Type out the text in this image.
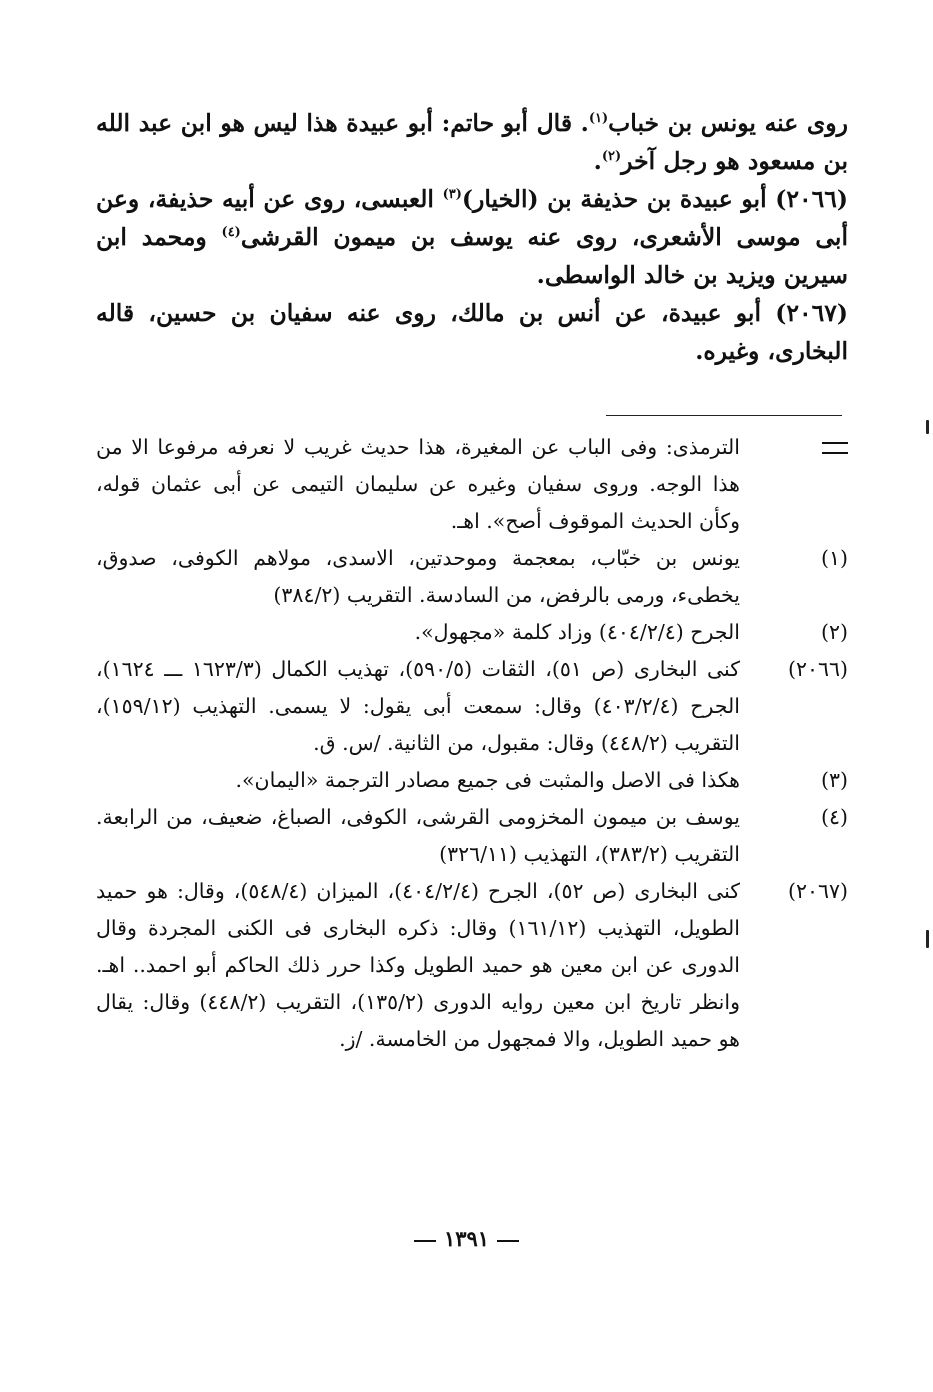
روى عنه يونس بن خباب$^{(١)}$. قال أبو حاتم: أبو عبيدة هذا ليس هو ابن عبد الله بن مسعود هو رجل آخر$^{(٢)}$.

(٢٠٦٦) أبو عبيدة بن حذيفة بن (الخيار)$^{(٣)}$ العبسى، روى عن أبيه حذيفة، وعن أبى موسى الأشعرى، روى عنه يوسف بن ميمون القرشى$^{(٤)}$ ومحمد ابن سيرين ويزيد بن خالد الواسطى.

(٢٠٦٧) أبو عبيدة، عن أنس بن مالك، روى عنه سفيان بن حسين، قاله البخارى، وغيره.

الترمذى: وفى الباب عن المغيرة، هذا حديث غريب لا نعرفه مرفوعا الا من هذا الوجه. وروى سفيان وغيره عن سليمان التيمى عن أبى عثمان قوله، وكأن الحديث الموقوف أصح». اهـ.
(١)
يونس بن خبّاب، بمعجمة وموحدتين، الاسدى، مولاهم الكوفى، صدوق، يخطىء، ورمى بالرفض، من السادسة. التقريب (٣٨٤/٢)
(٢)
الجرح (٤٠٤/٢/٤) وزاد كلمة «مجهول».
(٢٠٦٦)
كنى البخارى (ص ٥١)، الثقات (٥٩٠/٥)، تهذيب الكمال (١٦٢٣/٣ ـــ ١٦٢٤)، الجرح (٤٠٣/٢/٤) وقال: سمعت أبى يقول: لا يسمى. التهذيب (١٥٩/١٢)، التقريب (٤٤٨/٢) وقال: مقبول، من الثانية. /س. ق.
(٣)
هكذا فى الاصل والمثبت فى جميع مصادر الترجمة «اليمان».
(٤)
يوسف بن ميمون المخزومى القرشى، الكوفى، الصباغ، ضعيف، من الرابعة. التقريب (٣٨٣/٢)، التهذيب (٣٢٦/١١)
(٢٠٦٧)
كنى البخارى (ص ٥٢)، الجرح (٤٠٤/٢/٤)، الميزان (٥٤٨/٤)، وقال: هو حميد الطويل، التهذيب (١٦١/١٢) وقال: ذكره البخارى فى الكنى المجردة وقال الدورى عن ابن معين هو حميد الطويل وكذا حرر ذلك الحاكم أبو احمد.. اهـ. وانظر تاريخ ابن معين روايه الدورى (١٣٥/٢)، التقريب (٤٤٨/٢) وقال: يقال هو حميد الطويل، والا فمجهول من الخامسة. /ز.
١٣٩١
